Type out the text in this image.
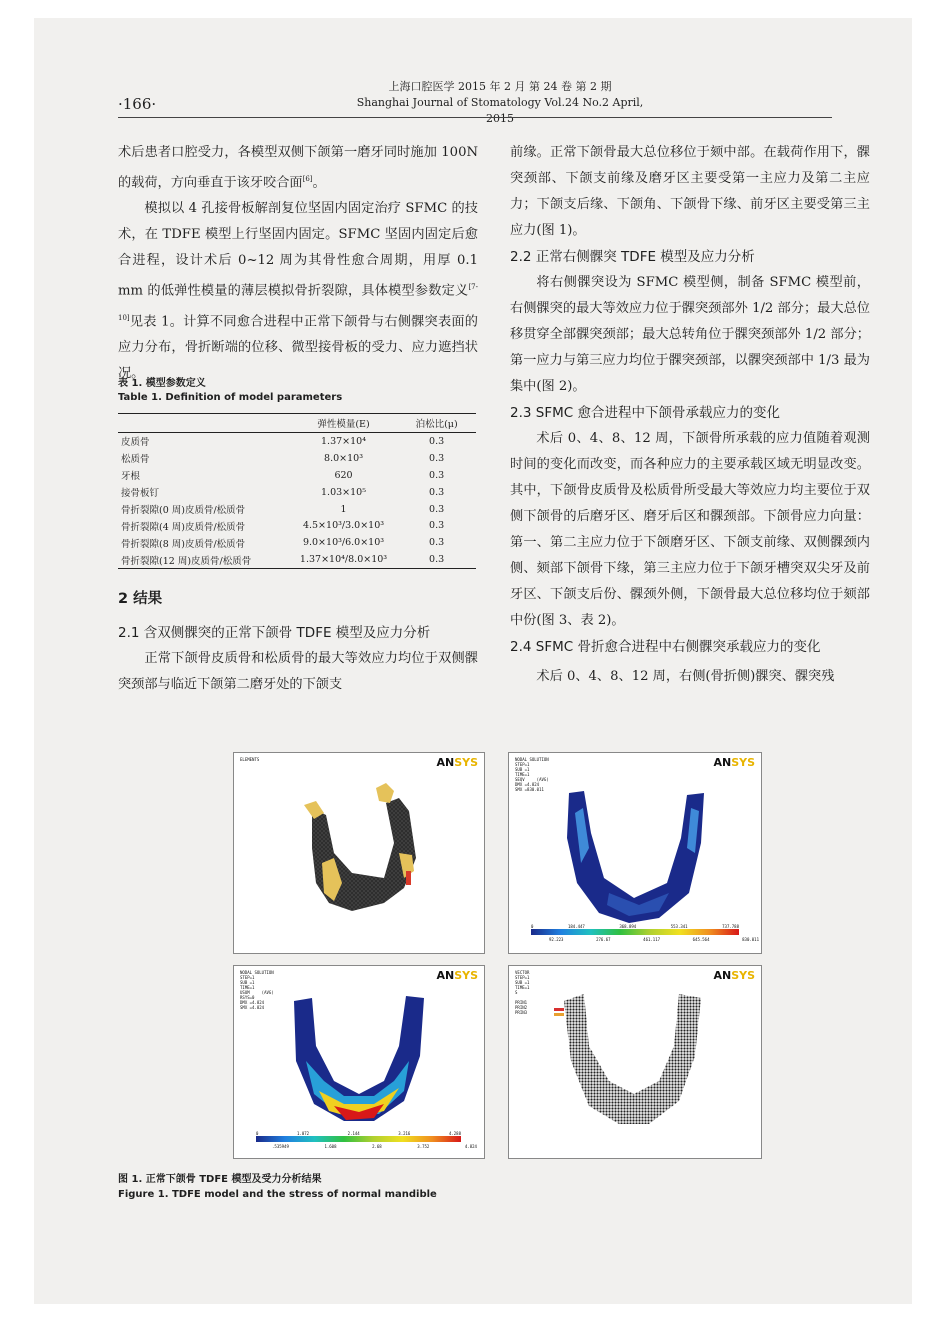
·166·
上海口腔医学 2015 年 2 月 第 24 卷 第 2 期
Shanghai Journal of Stomatology Vol.24 No.2 April, 2015

术后患者口腔受力，各模型双侧下颌第一磨牙同时施加 100N 的载荷，方向垂直于该牙咬合面[6]。

模拟以 4 孔接骨板解剖复位坚固内固定治疗 SFMC 的技术，在 TDFE 模型上行坚固内固定。SFMC 坚固内固定后愈合进程，设计术后 0~12 周为其骨性愈合周期，用厚 0.1 mm 的低弹性模量的薄层模拟骨折裂隙，具体模型参数定义[7-10]见表 1。计算不同愈合进程中正常下颌骨与右侧髁突表面的应力分布，骨折断端的位移、微型接骨板的受力、应力遮挡状况。

表 1. 模型参数定义
Table 1. Definition of model parameters
	弹性模量(E)	泊松比(μ)
皮质骨	1.37×10⁴	0.3
松质骨	8.0×10³	0.3
牙根	620	0.3
接骨板钉	1.03×10⁵	0.3
骨折裂隙(0 周)皮质骨/松质骨	1	0.3
骨折裂隙(4 周)皮质骨/松质骨	4.5×10³/3.0×10³	0.3
骨折裂隙(8 周)皮质骨/松质骨	9.0×10³/6.0×10³	0.3
骨折裂隙(12 周)皮质骨/松质骨	1.37×10⁴/8.0×10³	0.3
2 结果
2.1 含双侧髁突的正常下颌骨 TDFE 模型及应力分析

正常下颌骨皮质骨和松质骨的最大等效应力均位于双侧髁突颈部与临近下颌第二磨牙处的下颌支

前缘。正常下颌骨最大总位移位于颏中部。在载荷作用下，髁突颈部、下颌支前缘及磨牙区主要受第一主应力及第二主应力；下颌支后缘、下颌角、下颌骨下缘、前牙区主要受第三主应力(图 1)。

2.2 正常右侧髁突 TDFE 模型及应力分析

将右侧髁突设为 SFMC 模型侧，制备 SFMC 模型前，右侧髁突的最大等效应力位于髁突颈部外 1/2 部分；最大总位移贯穿全部髁突颈部；最大总转角位于髁突颈部外 1/2 部分；第一应力与第三应力均位于髁突颈部，以髁突颈部中 1/3 最为集中(图 2)。

2.3 SFMC 愈合进程中下颌骨承载应力的变化

术后 0、4、8、12 周，下颌骨所承载的应力值随着观测时间的变化而改变，而各种应力的主要承载区域无明显改变。其中，下颌骨皮质骨及松质骨所受最大等效应力均主要位于双侧下颌骨的后磨牙区、磨牙后区和髁颈部。下颌骨应力向量：第一、第二主应力位于下颌磨牙区、下颌支前缘、双侧髁颈内侧、颏部下颌骨下缘，第三主应力位于下颌牙槽突双尖牙及前牙区、下颌支后份、髁颈外侧，下颌骨最大总位移均位于颏部中份(图 3、表 2)。

2.4 SFMC 骨折愈合进程中右侧髁突承载应力的变化

术后 0、4、8、12 周，右侧(骨折侧)髁突、髁突残

ELEMENTS	ANSYS	NODAL SOLUTION
STEP=1
SUB =1
TIME=1
SEQV     (AVG)
DMX =4.824
SMX =830.011
ANSYS
0	184.447	368.894	553.341	737.788
92.223	276.67	461.117	645.564	830.011
NODAL SOLUTION
STEP=1
SUB =1
TIME=1
USUM     (AVG)
RSYS=0
DMX =4.824
SMX =4.824
ANSYS
0	1.072	2.144	3.216	4.288
.535949	1.608	2.68	3.752	4.824
VECTOR
STEP=1
SUB =1
TIME=1
S

PRIN1
PRIN2
PRIN3
ANSYS
图 1. 正常下颌骨 TDFE 模型及受力分析结果
Figure 1. TDFE model and the stress of normal mandible
